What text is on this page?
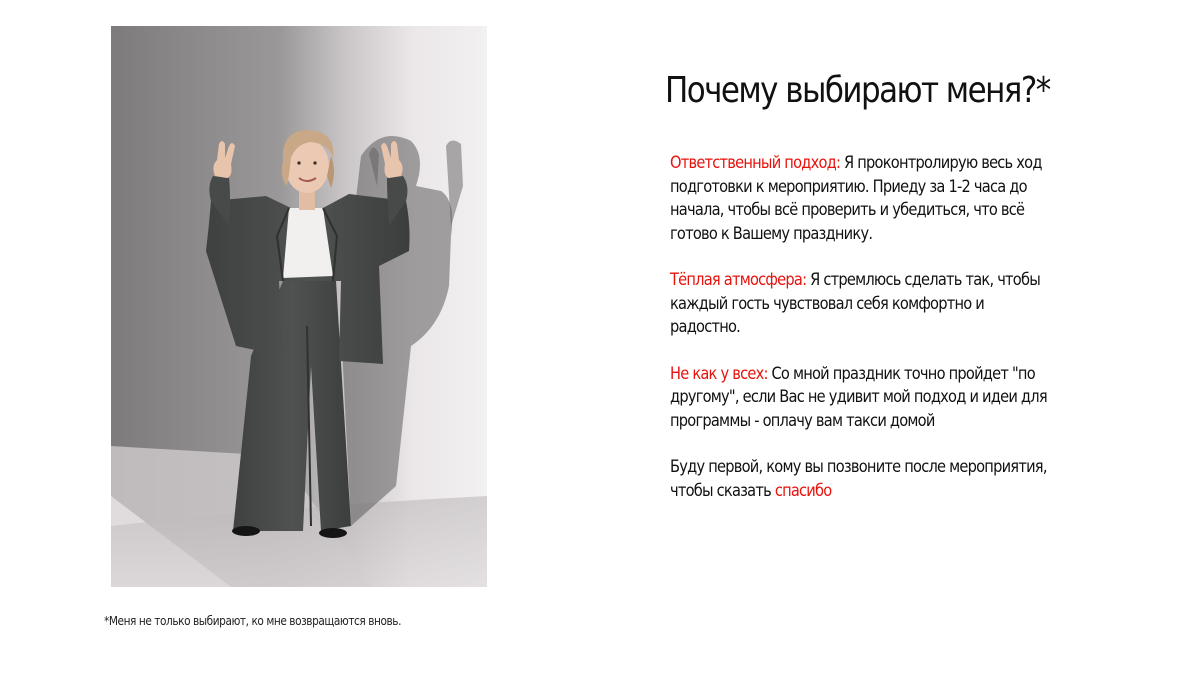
Почему выбирают меня?*

Ответственный подход: Я проконтролирую весь ход подготовки к мероприятию. Приеду за 1-2 часа до начала, чтобы всё проверить и убедиться, что всё готово к Вашему празднику.

Тёплая атмосфера: Я стремлюсь сделать так, чтобы каждый гость чувствовал себя комфортно и радостно.

Не как у всех: Со мной праздник точно пройдет "по другому", если Вас не удивит мой подход и идеи для программы - оплачу вам такси домой

Буду первой, кому вы позвоните после мероприятия, чтобы сказать спасибо

*Меня не только выбирают, ко мне возвращаются вновь.
